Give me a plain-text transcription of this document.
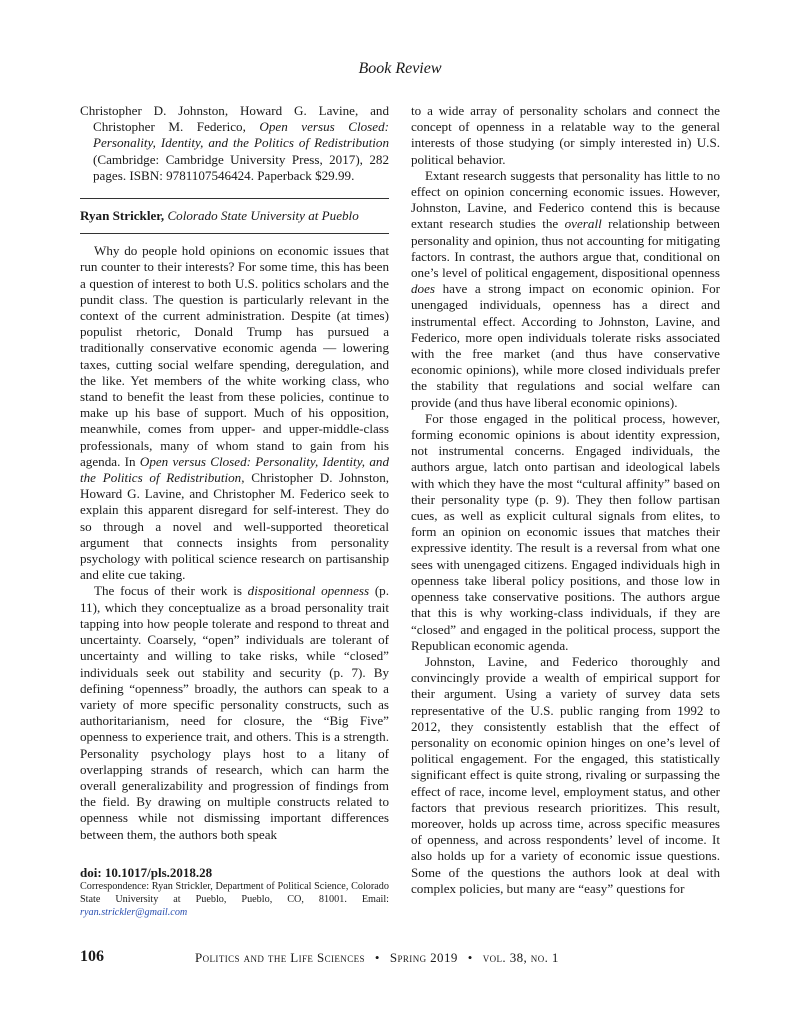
Book Review

Christopher D. Johnston, Howard G. Lavine, and Christopher M. Federico, Open versus Closed: Personality, Identity, and the Politics of Redistribution (Cambridge: Cambridge University Press, 2017), 282 pages. ISBN: 9781107546424. Paperback $29.99.

Ryan Strickler, Colorado State University at Pueblo

Why do people hold opinions on economic issues that run counter to their interests? For some time, this has been a question of interest to both U.S. politics scholars and the pundit class. The question is particularly relevant in the context of the current administration. Despite (at times) populist rhetoric, Donald Trump has pursued a traditionally conservative economic agenda — lowering taxes, cutting social welfare spending, deregulation, and the like. Yet members of the white working class, who stand to benefit the least from these policies, continue to make up his base of support. Much of his opposition, meanwhile, comes from upper- and upper-middle-class professionals, many of whom stand to gain from his agenda. In Open versus Closed: Personality, Identity, and the Politics of Redistribution, Christopher D. Johnston, Howard G. Lavine, and Christopher M. Federico seek to explain this apparent disregard for self-interest. They do so through a novel and well-supported theoretical argument that connects insights from personality psychology with political science research on partisanship and elite cue taking.

The focus of their work is dispositional openness (p. 11), which they conceptualize as a broad personality trait tapping into how people tolerate and respond to threat and uncertainty. Coarsely, “open” individuals are tolerant of uncertainty and willing to take risks, while “closed” individuals seek out stability and security (p. 7). By defining “openness” broadly, the authors can speak to a variety of more specific personality constructs, such as authoritarianism, need for closure, the “Big Five” openness to experience trait, and others. This is a strength. Personality psychology plays host to a litany of overlapping strands of research, which can harm the overall generalizability and progression of findings from the field. By drawing on multiple constructs related to openness while not dismissing important differences between them, the authors both speak

doi: 10.1017/pls.2018.28
Correspondence: Ryan Strickler, Department of Political Science, Colorado State University at Pueblo, Pueblo, CO, 81001. Email: ryan.strickler@gmail.com

to a wide array of personality scholars and connect the concept of openness in a relatable way to the general interests of those studying (or simply interested in) U.S. political behavior.

Extant research suggests that personality has little to no effect on opinion concerning economic issues. However, Johnston, Lavine, and Federico contend this is because extant research studies the overall relationship between personality and opinion, thus not accounting for mitigating factors. In contrast, the authors argue that, conditional on one’s level of political engagement, dispositional openness does have a strong impact on economic opinion. For unengaged individuals, openness has a direct and instrumental effect. According to Johnston, Lavine, and Federico, more open individuals tolerate risks associated with the free market (and thus have conservative economic opinions), while more closed individuals prefer the stability that regulations and social welfare can provide (and thus have liberal economic opinions).

For those engaged in the political process, however, forming economic opinions is about identity expression, not instrumental concerns. Engaged individuals, the authors argue, latch onto partisan and ideological labels with which they have the most “cultural affinity” based on their personality type (p. 9). They then follow partisan cues, as well as explicit cultural signals from elites, to form an opinion on economic issues that matches their expressive identity. The result is a reversal from what one sees with unengaged citizens. Engaged individuals high in openness take liberal policy positions, and those low in openness take conservative positions. The authors argue that this is why working-class individuals, if they are “closed” and engaged in the political process, support the Republican economic agenda.

Johnston, Lavine, and Federico thoroughly and convincingly provide a wealth of empirical support for their argument. Using a variety of survey data sets representative of the U.S. public ranging from 1992 to 2012, they consistently establish that the effect of personality on economic opinion hinges on one’s level of political engagement. For the engaged, this statistically significant effect is quite strong, rivaling or surpassing the effect of race, income level, employment status, and other factors that previous research prioritizes. This result, moreover, holds up across time, across specific measures of openness, and across respondents’ level of income. It also holds up for a variety of economic issue questions. Some of the questions the authors look at deal with complex policies, but many are “easy” questions for

106	Politics and the Life Sciences • Spring 2019 • vol. 38, no. 1
